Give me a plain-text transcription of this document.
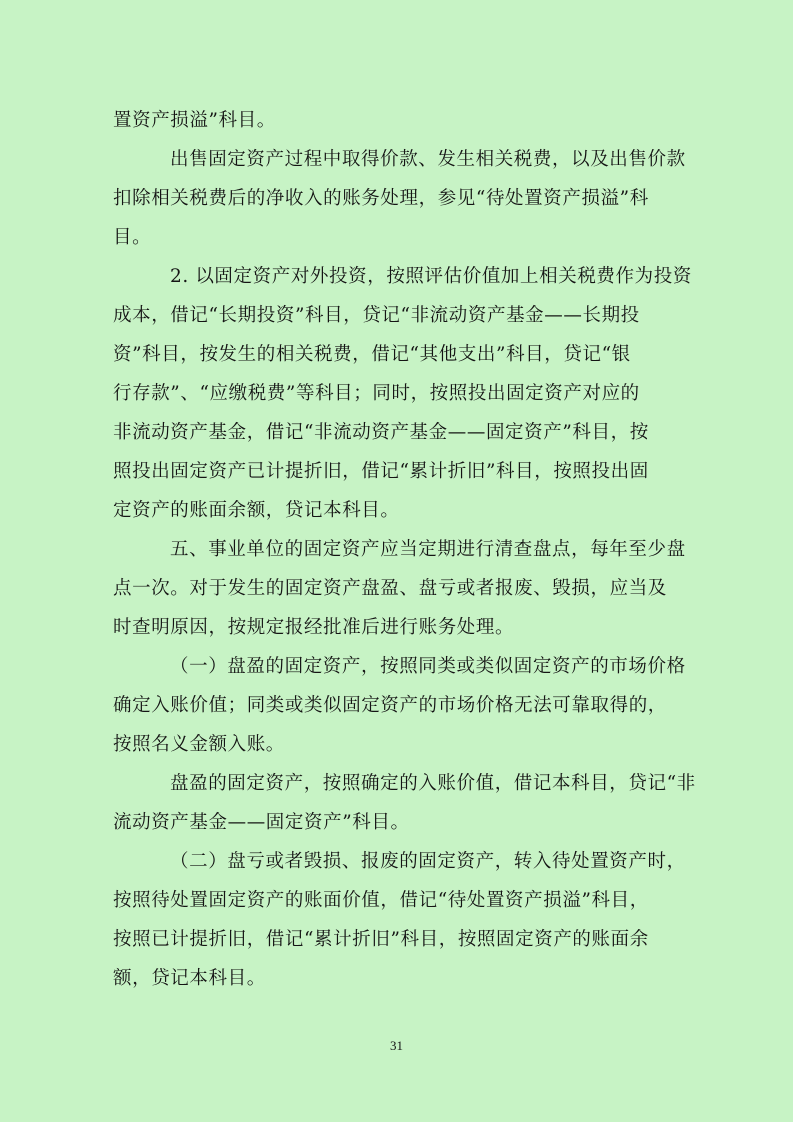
置资产损溢”科目。
出售固定资产过程中取得价款、发生相关税费，以及出售价款
扣除相关税费后的净收入的账务处理，参见“待处置资产损溢”科
目。
2. 以固定资产对外投资，按照评估价值加上相关税费作为投资
成本，借记“长期投资”科目，贷记“非流动资产基金——长期投
资”科目，按发生的相关税费，借记“其他支出”科目，贷记“银
行存款”、“应缴税费”等科目；同时，按照投出固定资产对应的
非流动资产基金，借记“非流动资产基金——固定资产”科目，按
照投出固定资产已计提折旧，借记“累计折旧”科目，按照投出固
定资产的账面余额，贷记本科目。
五、事业单位的固定资产应当定期进行清查盘点，每年至少盘
点一次。对于发生的固定资产盘盈、盘亏或者报废、毁损，应当及
时查明原因，按规定报经批准后进行账务处理。
（一）盘盈的固定资产，按照同类或类似固定资产的市场价格
确定入账价值；同类或类似固定资产的市场价格无法可靠取得的，
按照名义金额入账。
盘盈的固定资产，按照确定的入账价值，借记本科目，贷记“非
流动资产基金——固定资产”科目。
（二）盘亏或者毁损、报废的固定资产，转入待处置资产时，
按照待处置固定资产的账面价值，借记“待处置资产损溢”科目，
按照已计提折旧，借记“累计折旧”科目，按照固定资产的账面余
额，贷记本科目。
31
